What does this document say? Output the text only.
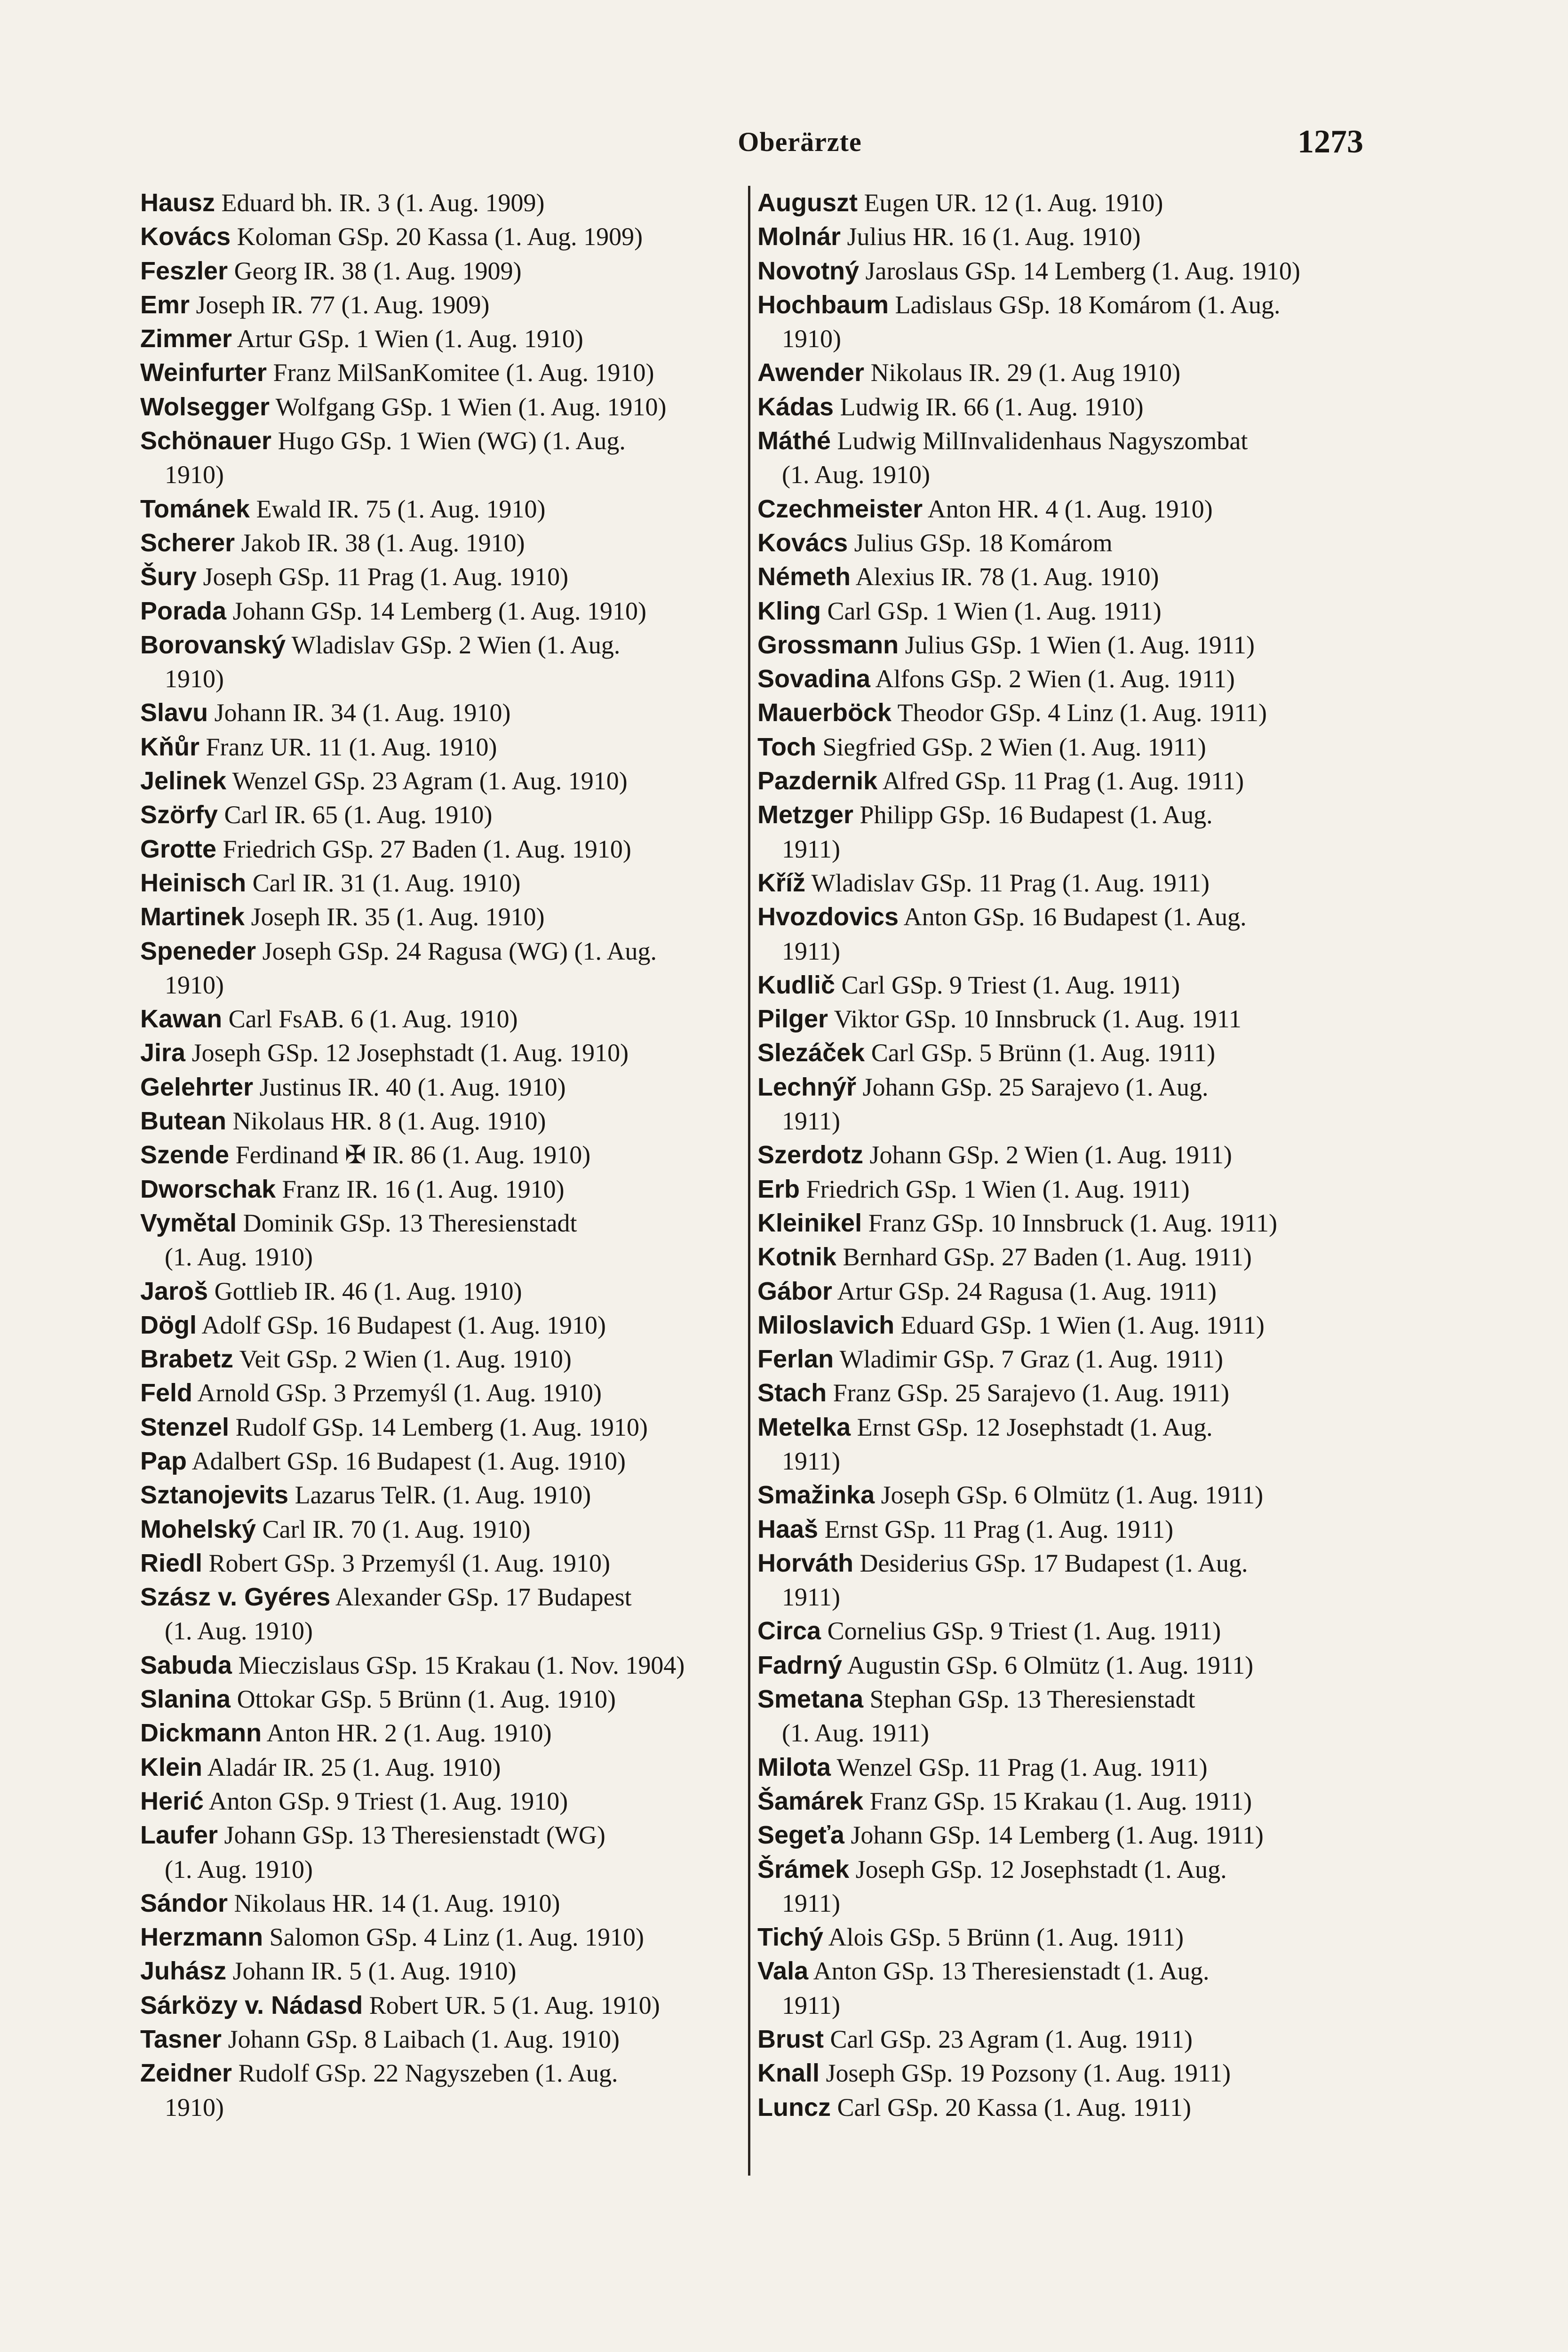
Oberärzte	1273
Hausz Eduard bh. IR. 3 (1. Aug. 1909)
Kovács Koloman GSp. 20 Kassa (1. Aug. 1909)
Feszler Georg IR. 38 (1. Aug. 1909)
Emr Joseph IR. 77 (1. Aug. 1909)
Zimmer Artur GSp. 1 Wien (1. Aug. 1910)
Weinfurter Franz MilSanKomitee (1. Aug. 1910)
Wolsegger Wolfgang GSp. 1 Wien (1. Aug. 1910)
Schönauer Hugo GSp. 1 Wien (WG) (1. Aug.
1910)
Tománek Ewald IR. 75 (1. Aug. 1910)
Scherer Jakob IR. 38 (1. Aug. 1910)
Šury Joseph GSp. 11 Prag (1. Aug. 1910)
Porada Johann GSp. 14 Lemberg (1. Aug. 1910)
Borovanský Wladislav GSp. 2 Wien (1. Aug.
1910)
Slavu Johann IR. 34 (1. Aug. 1910)
Kňůr Franz UR. 11 (1. Aug. 1910)
Jelinek Wenzel GSp. 23 Agram (1. Aug. 1910)
Szörfy Carl IR. 65 (1. Aug. 1910)
Grotte Friedrich GSp. 27 Baden (1. Aug. 1910)
Heinisch Carl IR. 31 (1. Aug. 1910)
Martinek Joseph IR. 35 (1. Aug. 1910)
Speneder Joseph GSp. 24 Ragusa (WG) (1. Aug.
1910)
Kawan Carl FsAB. 6 (1. Aug. 1910)
Jira Joseph GSp. 12 Josephstadt (1. Aug. 1910)
Gelehrter Justinus IR. 40 (1. Aug. 1910)
Butean Nikolaus HR. 8 (1. Aug. 1910)
Szende Ferdinand ✠ IR. 86 (1. Aug. 1910)
Dworschak Franz IR. 16 (1. Aug. 1910)
Vymětal Dominik GSp. 13 Theresienstadt
(1. Aug. 1910)
Jaroš Gottlieb IR. 46 (1. Aug. 1910)
Dögl Adolf GSp. 16 Budapest (1. Aug. 1910)
Brabetz Veit GSp. 2 Wien (1. Aug. 1910)
Feld Arnold GSp. 3 Przemyśl (1. Aug. 1910)
Stenzel Rudolf GSp. 14 Lemberg (1. Aug. 1910)
Pap Adalbert GSp. 16 Budapest (1. Aug. 1910)
Sztanojevits Lazarus TelR. (1. Aug. 1910)
Mohelský Carl IR. 70 (1. Aug. 1910)
Riedl Robert GSp. 3 Przemyśl (1. Aug. 1910)
Szász v. Gyéres Alexander GSp. 17 Budapest
(1. Aug. 1910)
Sabuda Mieczislaus GSp. 15 Krakau (1. Nov. 1904)
Slanina Ottokar GSp. 5 Brünn (1. Aug. 1910)
Dickmann Anton HR. 2 (1. Aug. 1910)
Klein Aladár IR. 25 (1. Aug. 1910)
Herić Anton GSp. 9 Triest (1. Aug. 1910)
Laufer Johann GSp. 13 Theresienstadt (WG)
(1. Aug. 1910)
Sándor Nikolaus HR. 14 (1. Aug. 1910)
Herzmann Salomon GSp. 4 Linz (1. Aug. 1910)
Juhász Johann IR. 5 (1. Aug. 1910)
Sárközy v. Nádasd Robert UR. 5 (1. Aug. 1910)
Tasner Johann GSp. 8 Laibach (1. Aug. 1910)
Zeidner Rudolf GSp. 22 Nagyszeben (1. Aug.
1910)
Auguszt Eugen UR. 12 (1. Aug. 1910)
Molnár Julius HR. 16 (1. Aug. 1910)
Novotný Jaroslaus GSp. 14 Lemberg (1. Aug. 1910)
Hochbaum Ladislaus GSp. 18 Komárom (1. Aug.
1910)
Awender Nikolaus IR. 29 (1. Aug 1910)
Kádas Ludwig IR. 66 (1. Aug. 1910)
Máthé Ludwig MilInvalidenhaus Nagyszombat
(1. Aug. 1910)
Czechmeister Anton HR. 4 (1. Aug. 1910)
Kovács Julius GSp. 18 Komárom
Németh Alexius IR. 78 (1. Aug. 1910)
Kling Carl GSp. 1 Wien (1. Aug. 1911)
Grossmann Julius GSp. 1 Wien (1. Aug. 1911)
Sovadina Alfons GSp. 2 Wien (1. Aug. 1911)
Mauerböck Theodor GSp. 4 Linz (1. Aug. 1911)
Toch Siegfried GSp. 2 Wien (1. Aug. 1911)
Pazdernik Alfred GSp. 11 Prag (1. Aug. 1911)
Metzger Philipp GSp. 16 Budapest (1. Aug.
1911)
Kříž Wladislav GSp. 11 Prag (1. Aug. 1911)
Hvozdovics Anton GSp. 16 Budapest (1. Aug.
1911)
Kudlič Carl GSp. 9 Triest (1. Aug. 1911)
Pilger Viktor GSp. 10 Innsbruck (1. Aug. 1911
Slezáček Carl GSp. 5 Brünn (1. Aug. 1911)
Lechnýř Johann GSp. 25 Sarajevo (1. Aug.
1911)
Szerdotz Johann GSp. 2 Wien (1. Aug. 1911)
Erb Friedrich GSp. 1 Wien (1. Aug. 1911)
Kleinikel Franz GSp. 10 Innsbruck (1. Aug. 1911)
Kotnik Bernhard GSp. 27 Baden (1. Aug. 1911)
Gábor Artur GSp. 24 Ragusa (1. Aug. 1911)
Miloslavich Eduard GSp. 1 Wien (1. Aug. 1911)
Ferlan Wladimir GSp. 7 Graz (1. Aug. 1911)
Stach Franz GSp. 25 Sarajevo (1. Aug. 1911)
Metelka Ernst GSp. 12 Josephstadt (1. Aug.
1911)
Smažinka Joseph GSp. 6 Olmütz (1. Aug. 1911)
Haaš Ernst GSp. 11 Prag (1. Aug. 1911)
Horváth Desiderius GSp. 17 Budapest (1. Aug.
1911)
Circa Cornelius GSp. 9 Triest (1. Aug. 1911)
Fadrný Augustin GSp. 6 Olmütz (1. Aug. 1911)
Smetana Stephan GSp. 13 Theresienstadt
(1. Aug. 1911)
Milota Wenzel GSp. 11 Prag (1. Aug. 1911)
Šamárek Franz GSp. 15 Krakau (1. Aug. 1911)
Segeťa Johann GSp. 14 Lemberg (1. Aug. 1911)
Šrámek Joseph GSp. 12 Josephstadt (1. Aug.
1911)
Tichý Alois GSp. 5 Brünn (1. Aug. 1911)
Vala Anton GSp. 13 Theresienstadt (1. Aug.
1911)
Brust Carl GSp. 23 Agram (1. Aug. 1911)
Knall Joseph GSp. 19 Pozsony (1. Aug. 1911)
Luncz Carl GSp. 20 Kassa (1. Aug. 1911)
